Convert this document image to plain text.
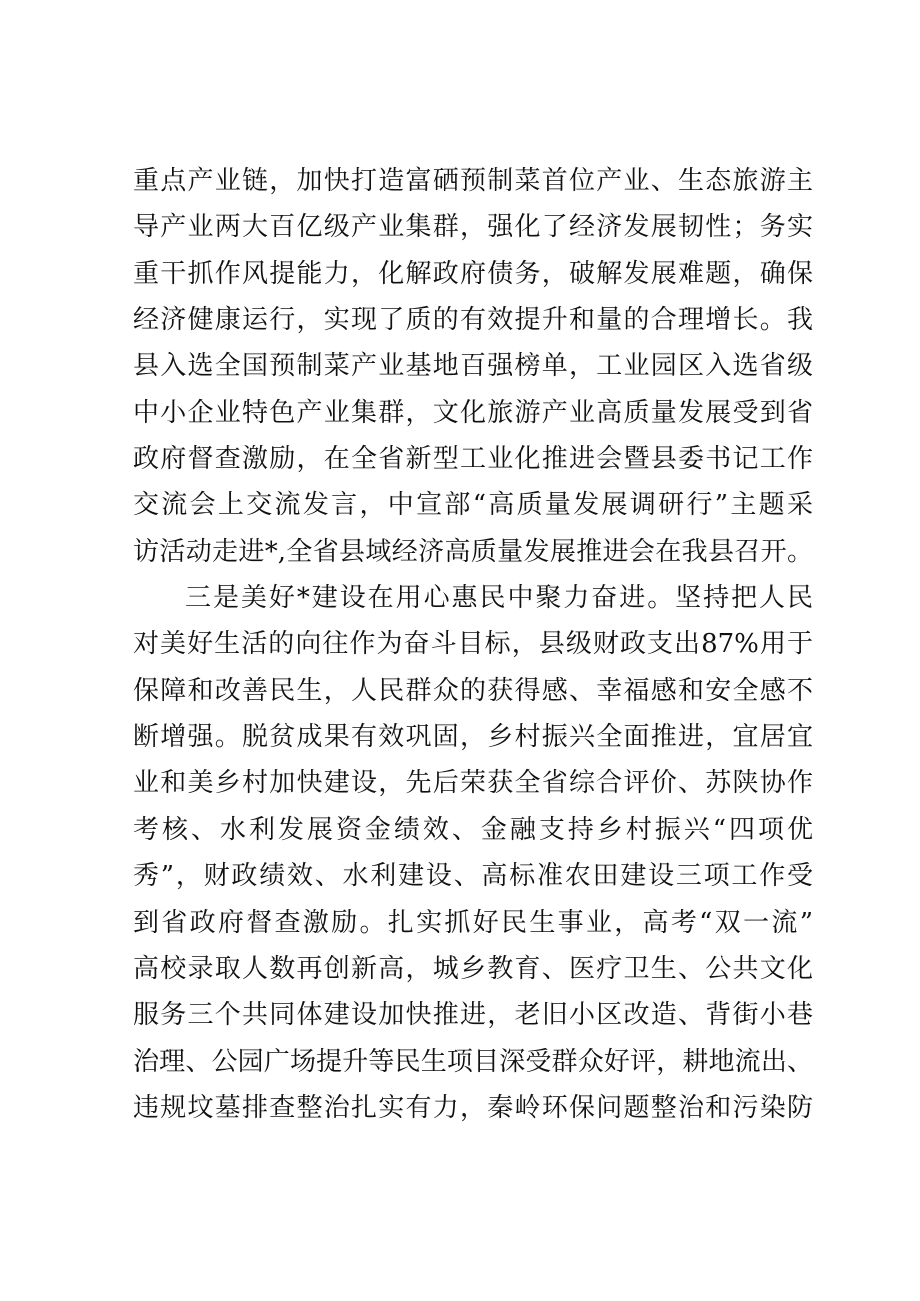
重点产业链，加快打造富硒预制菜首位产业、生态旅游主
导产业两大百亿级产业集群，强化了经济发展韧性；务实
重干抓作风提能力，化解政府债务，破解发展难题，确保
经济健康运行，实现了质的有效提升和量的合理增长。我
县入选全国预制菜产业基地百强榜单，工业园区入选省级
中小企业特色产业集群，文化旅游产业高质量发展受到省
政府督查激励，在全省新型工业化推进会暨县委书记工作
交流会上交流发言，中宣部“高质量发展调研行”主题采
访活动走进*,全省县域经济高质量发展推进会在我县召开。
三是美好*建设在用心惠民中聚力奋进。坚持把人民
对美好生活的向往作为奋斗目标，县级财政支出87%用于
保障和改善民生，人民群众的获得感、幸福感和安全感不
断增强。脱贫成果有效巩固，乡村振兴全面推进，宜居宜
业和美乡村加快建设，先后荣获全省综合评价、苏陕协作
考核、水利发展资金绩效、金融支持乡村振兴“四项优
秀”，财政绩效、水利建设、高标准农田建设三项工作受
到省政府督查激励。扎实抓好民生事业，高考“双一流”
高校录取人数再创新高，城乡教育、医疗卫生、公共文化
服务三个共同体建设加快推进，老旧小区改造、背街小巷
治理、公园广场提升等民生项目深受群众好评，耕地流出、
违规坟墓排查整治扎实有力，秦岭环保问题整治和污染防
